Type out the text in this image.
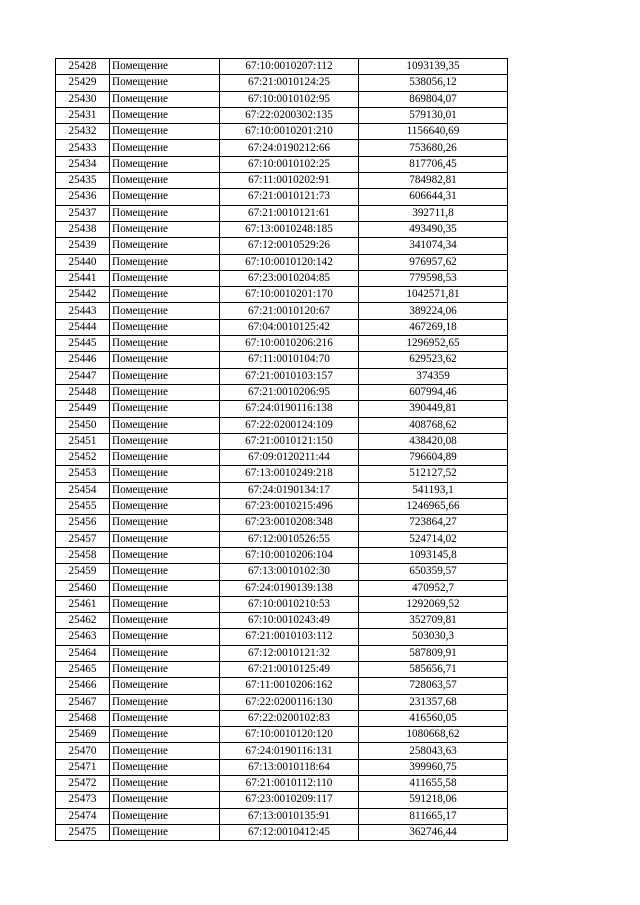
25428	Помещение	67:10:0010207:112	1093139,35
25429	Помещение	67:21:0010124:25	538056,12
25430	Помещение	67:10:0010102:95	869804,07
25431	Помещение	67:22:0200302:135	579130,01
25432	Помещение	67:10:0010201:210	1156640,69
25433	Помещение	67:24:0190212:66	753680,26
25434	Помещение	67:10:0010102:25	817706,45
25435	Помещение	67:11:0010202:91	784982,81
25436	Помещение	67:21:0010121:73	606644,31
25437	Помещение	67:21:0010121:61	392711,8
25438	Помещение	67:13:0010248:185	493490,35
25439	Помещение	67:12:0010529:26	341074,34
25440	Помещение	67:10:0010120:142	976957,62
25441	Помещение	67:23:0010204:85	779598,53
25442	Помещение	67:10:0010201:170	1042571,81
25443	Помещение	67:21:0010120:67	389224,06
25444	Помещение	67:04:0010125:42	467269,18
25445	Помещение	67:10:0010206:216	1296952,65
25446	Помещение	67:11:0010104:70	629523,62
25447	Помещение	67:21:0010103:157	374359
25448	Помещение	67:21:0010206:95	607994,46
25449	Помещение	67:24:0190116:138	390449,81
25450	Помещение	67:22:0200124:109	408768,62
25451	Помещение	67:21:0010121:150	438420,08
25452	Помещение	67:09:0120211:44	796604,89
25453	Помещение	67:13:0010249:218	512127,52
25454	Помещение	67:24:0190134:17	541193,1
25455	Помещение	67:23:0010215:496	1246965,66
25456	Помещение	67:23:0010208:348	723864,27
25457	Помещение	67:12:0010526:55	524714,02
25458	Помещение	67:10:0010206:104	1093145,8
25459	Помещение	67:13:0010102:30	650359,57
25460	Помещение	67:24:0190139:138	470952,7
25461	Помещение	67:10:0010210:53	1292069,52
25462	Помещение	67:10:0010243:49	352709,81
25463	Помещение	67:21:0010103:112	503030,3
25464	Помещение	67:12:0010121:32	587809,91
25465	Помещение	67:21:0010125:49	585656,71
25466	Помещение	67:11:0010206:162	728063,57
25467	Помещение	67:22:0200116:130	231357,68
25468	Помещение	67:22:0200102:83	416560,05
25469	Помещение	67:10:0010120:120	1080668,62
25470	Помещение	67:24:0190116:131	258043,63
25471	Помещение	67:13:0010118:64	399960,75
25472	Помещение	67:21:0010112:110	411655,58
25473	Помещение	67:23:0010209:117	591218,06
25474	Помещение	67:13:0010135:91	811665,17
25475	Помещение	67:12:0010412:45	362746,44
